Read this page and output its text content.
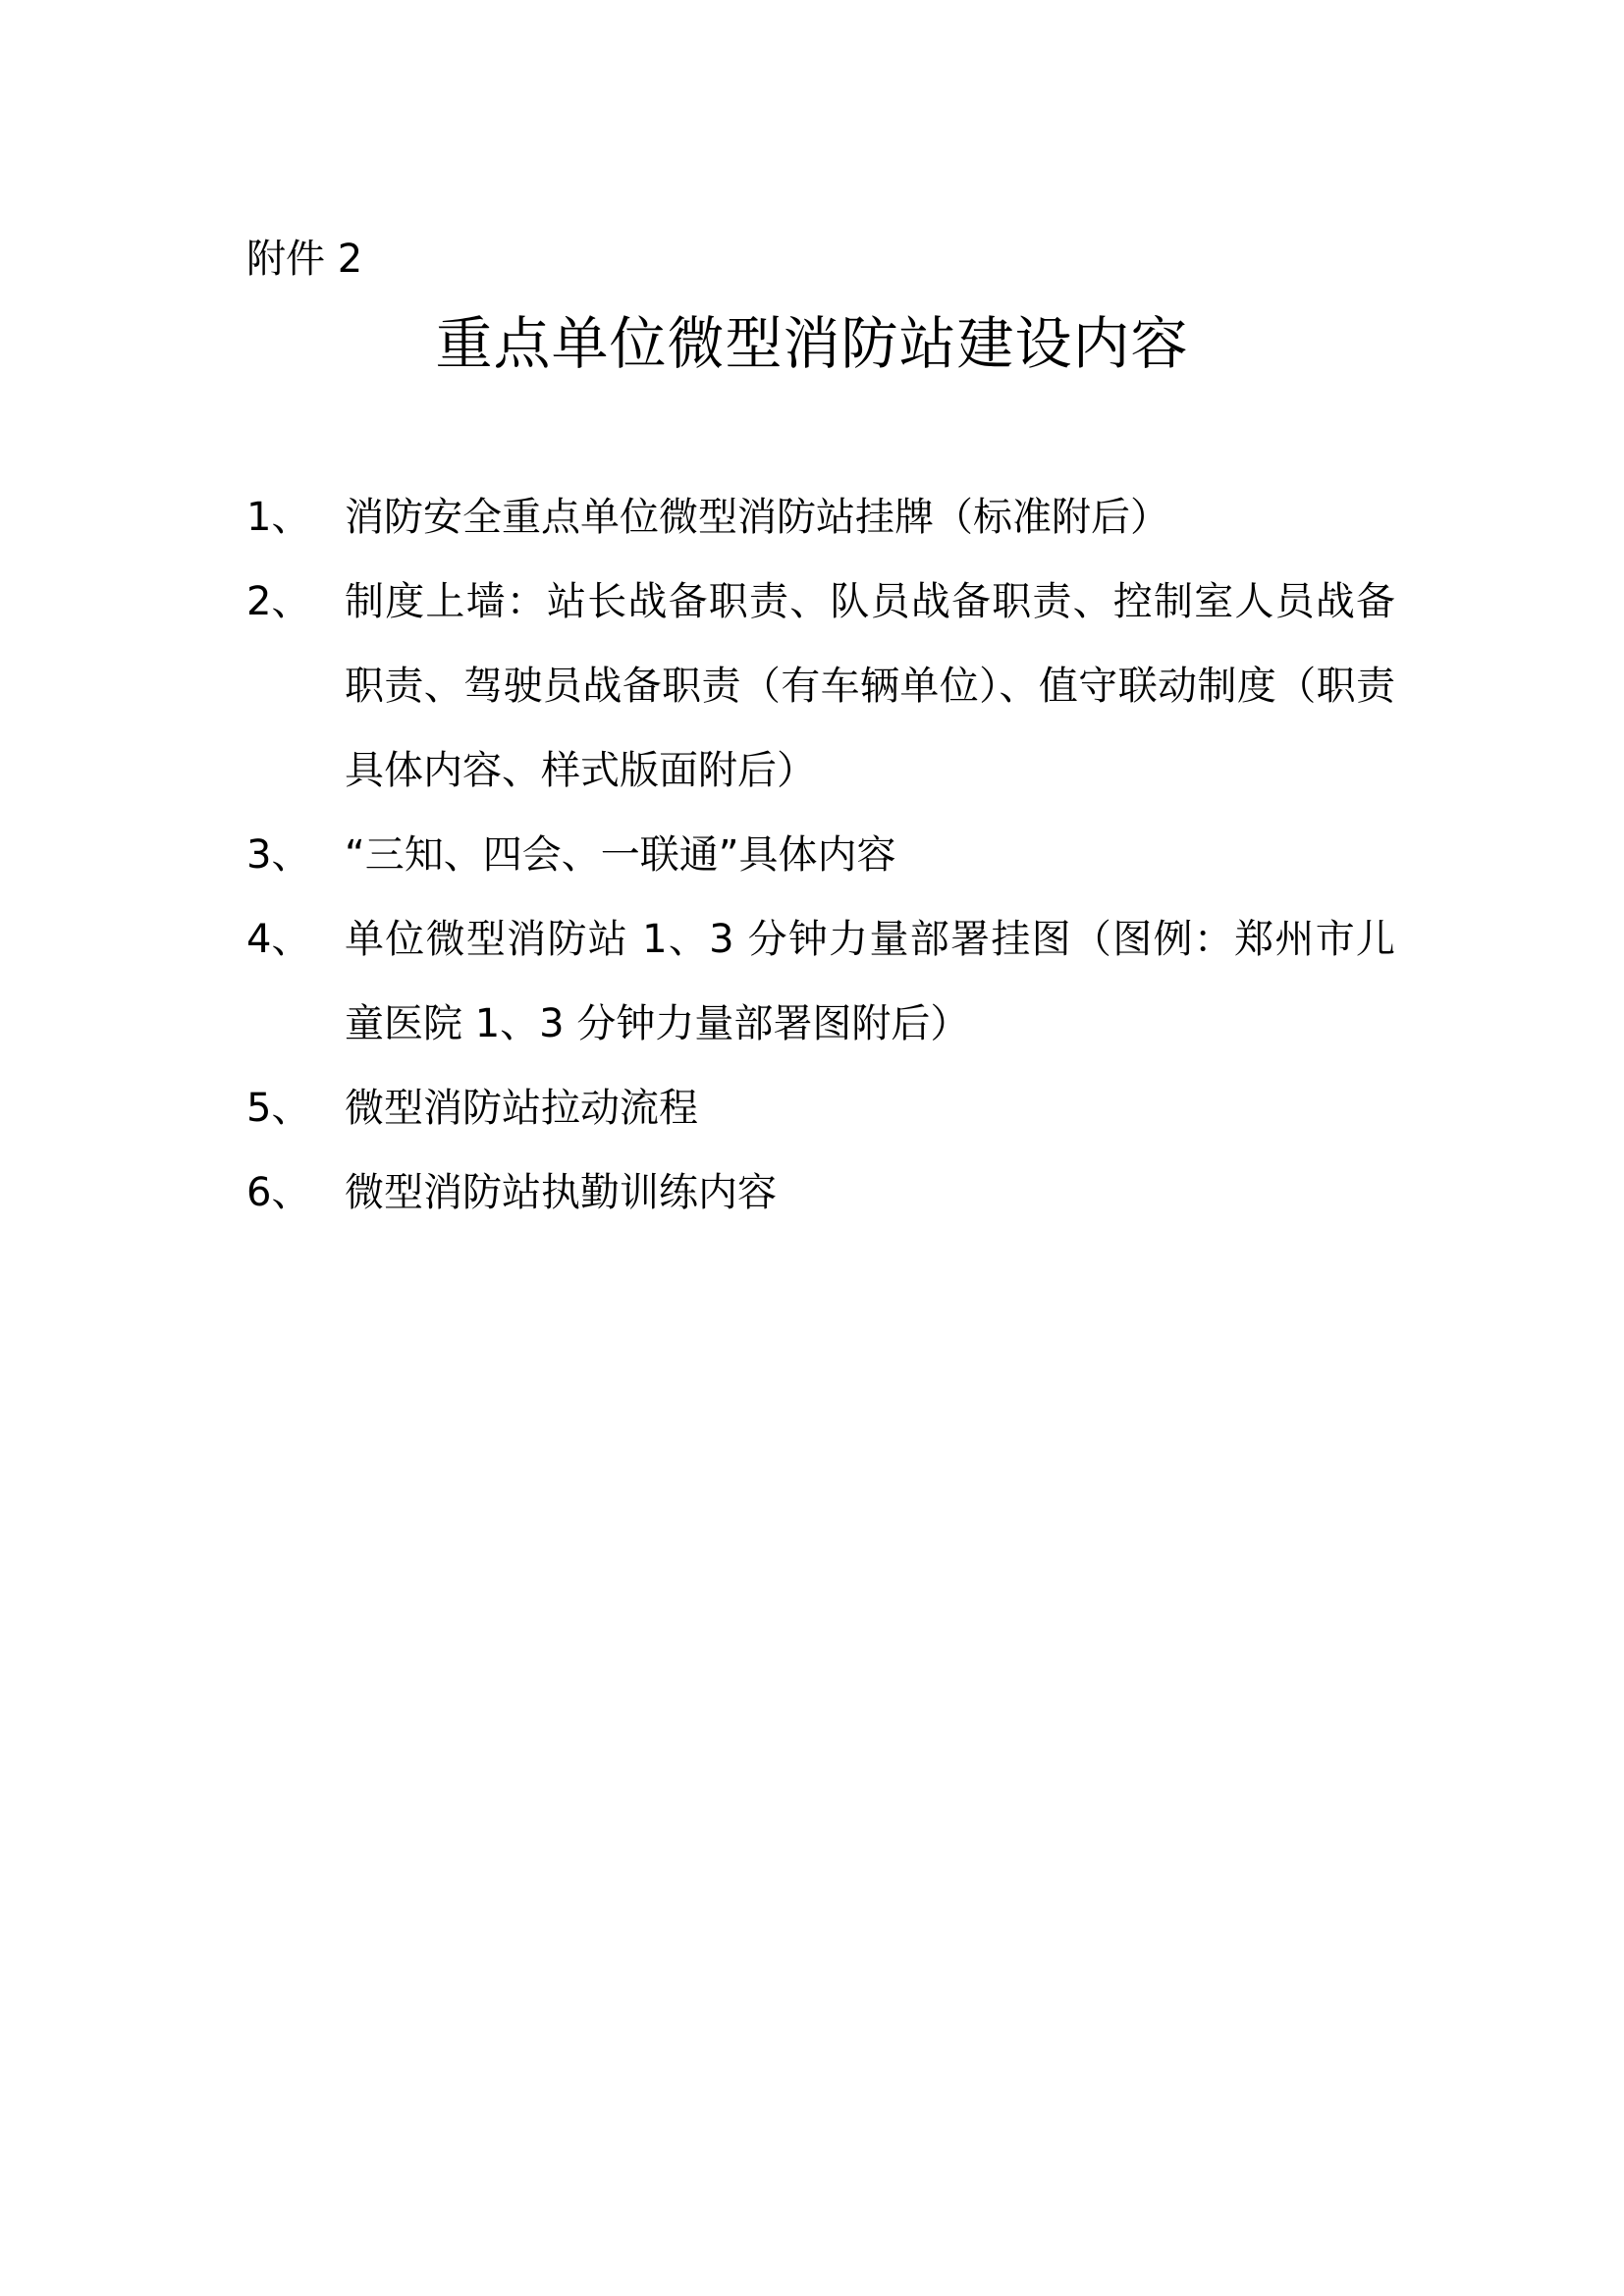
附件 2
重点单位微型消防站建设内容
1、 消防安全重点单位微型消防站挂牌（标准附后）
2、 制度上墙：站长战备职责、队员战备职责、控制室人员战备职责、驾驶员战备职责（有车辆单位）、值守联动制度（职责具体内容、样式版面附后）
3、 “三知、四会、一联通”具体内容
4、 单位微型消防站 1、3 分钟力量部署挂图（图例：郑州市儿童医院 1、3 分钟力量部署图附后）
5、 微型消防站拉动流程
6、 微型消防站执勤训练内容
